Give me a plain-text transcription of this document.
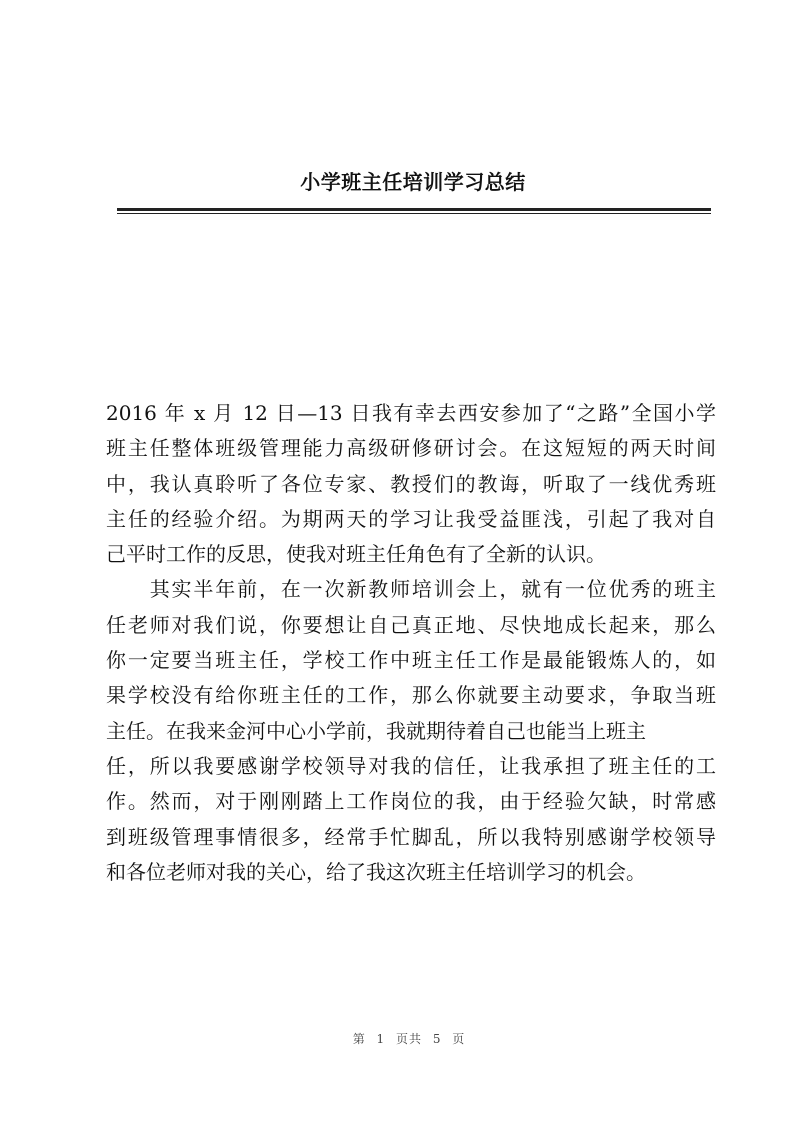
小学班主任培训学习总结
2016 年 x 月 12 日—13 日我有幸去西安参加了“之路”全国小学
班主任整体班级管理能力高级研修研讨会。在这短短的两天时间
中，我认真聆听了各位专家、教授们的教诲，听取了一线优秀班
主任的经验介绍。为期两天的学习让我受益匪浅，引起了我对自
己平时工作的反思，使我对班主任角色有了全新的认识。
　　其实半年前，在一次新教师培训会上，就有一位优秀的班主
任老师对我们说，你要想让自己真正地、尽快地成长起来，那么
你一定要当班主任，学校工作中班主任工作是最能锻炼人的，如
果学校没有给你班主任的工作，那么你就要主动要求，争取当班
主任。在我来金河中心小学前，我就期待着自己也能当上班主
任，所以我要感谢学校领导对我的信任，让我承担了班主任的工
作。然而，对于刚刚踏上工作岗位的我，由于经验欠缺，时常感
到班级管理事情很多，经常手忙脚乱，所以我特别感谢学校领导
和各位老师对我的关心，给了我这次班主任培训学习的机会。
第 1 页共 5 页
